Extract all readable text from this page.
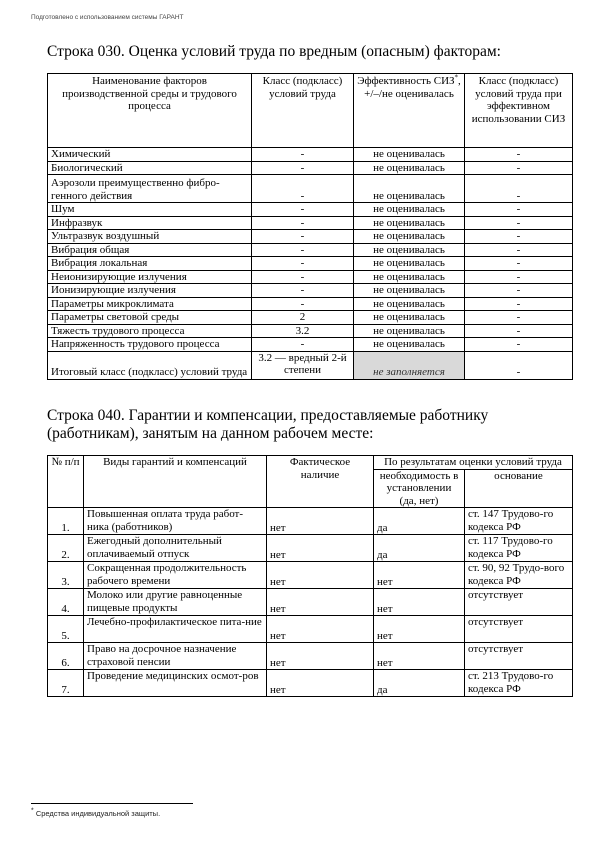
Подготовлено с использованием системы ГАРАНТ
Строка 030. Оценка условий труда по вредным (опасным) факторам:
Наименование факторов производственной среды и трудового процесса	Класс (подкласс) условий труда	Эффективность СИЗ*, +/–/не оценивалась	Класс (подкласс) условий труда при эффективном использовании СИЗ
Химический	-	не оценивалась	-
Биологический	-	не оценивалась	-
Аэрозоли преимущественно фибро-генного действия	-	не оценивалась	-
Шум	-	не оценивалась	-
Инфразвук	-	не оценивалась	-
Ультразвук воздушный	-	не оценивалась	-
Вибрация общая	-	не оценивалась	-
Вибрация локальная	-	не оценивалась	-
Неионизирующие излучения	-	не оценивалась	-
Ионизирующие излучения	-	не оценивалась	-
Параметры микроклимата	-	не оценивалась	-
Параметры световой среды	2	не оценивалась	-
Тяжесть трудового процесса	3.2	не оценивалась	-
Напряженность трудового процесса	-	не оценивалась	-
Итоговый класс (подкласс) условий труда	3.2 — вредный 2-й степени	не заполняется	-
Строка 040. Гарантии и компенсации, предоставляемые работнику (работникам), занятым на данном рабочем месте:
№ п/п	Виды гарантий и компенсаций	Фактическое наличие	По результатам оценки условий труда	
			необходимость в установлении (да, нет)	основание
1.	Повышенная оплата труда работ-ника (работников)	нет	да	ст. 147 Трудово-го кодекса РФ
2.	Ежегодный дополнительный оплачиваемый отпуск	нет	да	ст. 117 Трудово-го кодекса РФ
3.	Сокращенная продолжительность рабочего времени	нет	нет	ст. 90, 92 Трудо-вого кодекса РФ
4.	Молоко или другие равноценные пищевые продукты	нет	нет	отсутствует
5.	Лечебно-профилактическое пита-ние	нет	нет	отсутствует
6.	Право на досрочное назначение страховой пенсии	нет	нет	отсутствует
7.	Проведение медицинских осмот-ров	нет	да	ст. 213 Трудово-го кодекса РФ
* Средства индивидуальной защиты.
